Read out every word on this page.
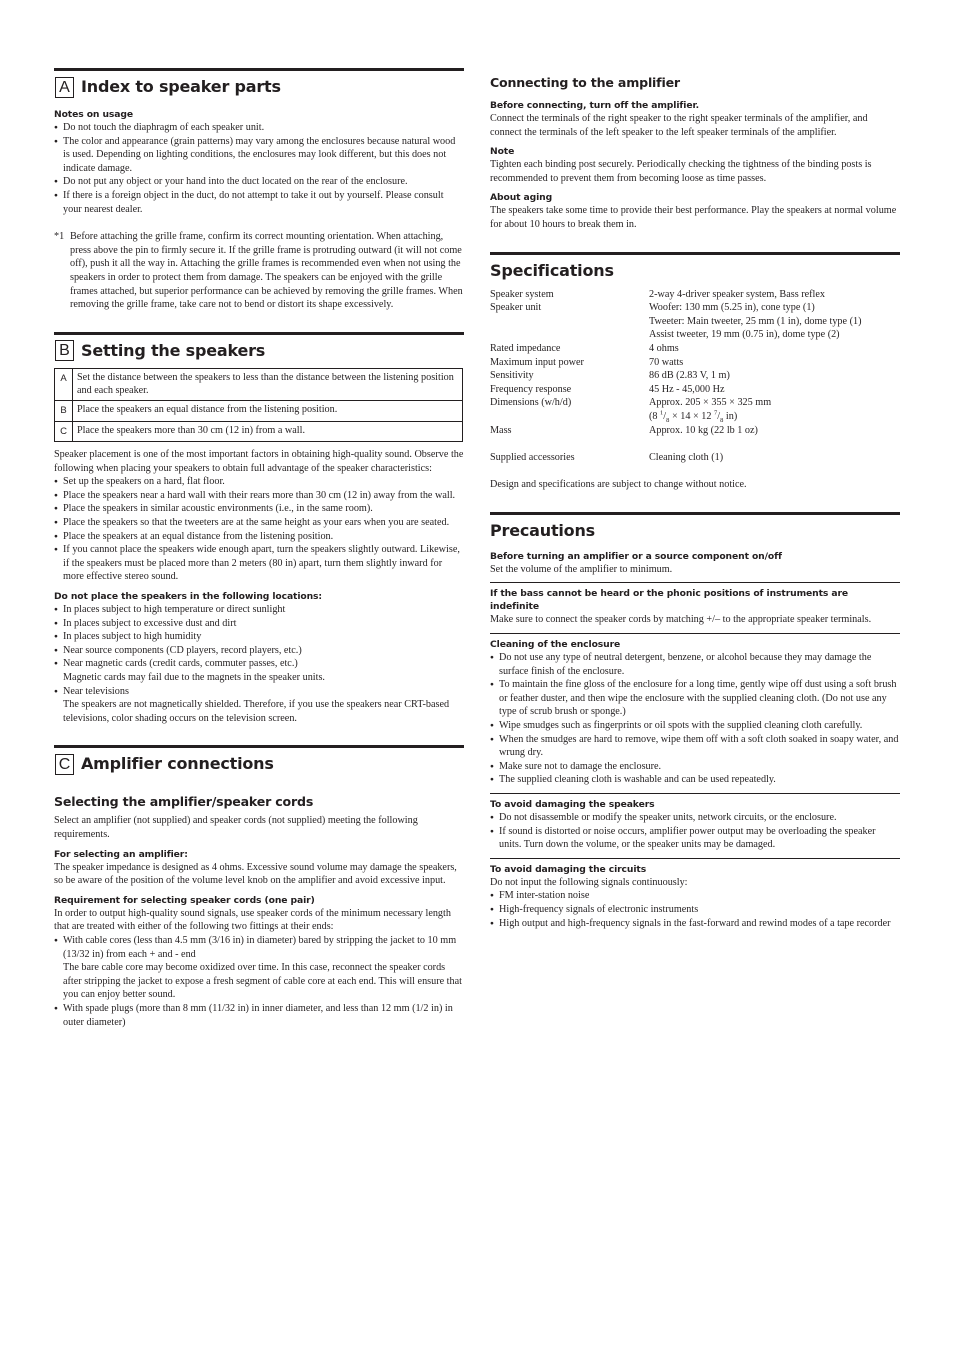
A Index to speaker parts
Notes on usage
● Do not touch the diaphragm of each speaker unit.
● The color and appearance (grain patterns) may vary among the enclosures because natural wood is used. Depending on lighting conditions, the enclosures may look different, but this does not indicate damage.
● Do not put any object or your hand into the duct located on the rear of the enclosure.
● If there is a foreign object in the duct, do not attempt to take it out by yourself. Please consult your nearest dealer.
*1 Before attaching the grille frame, confirm its correct mounting orientation. When attaching, press above the pin to firmly secure it. If the grille frame is protruding outward (it will not come off), push it all the way in. Attaching the grille frames is recommended even when not using the speakers in order to protect them from damage. The speakers can be enjoyed with the grille frames attached, but superior performance can be achieved by removing the grille frames. When removing the grille frame, take care not to bend or distort its shape excessively.
B Setting the speakers
A	Set the distance between the speakers to less than the distance between the listening position and each speaker.
B	Place the speakers an equal distance from the listening position.
C	Place the speakers more than 30 cm (12 in) from a wall.

Speaker placement is one of the most important factors in obtaining high-quality sound. Observe the following when placing your speakers to obtain full advantage of the speaker characteristics:

● Set up the speakers on a hard, flat floor.
● Place the speakers near a hard wall with their rears more than 30 cm (12 in) away from the wall.
● Place the speakers in similar acoustic environments (i.e., in the same room).
● Place the speakers so that the tweeters are at the same height as your ears when you are seated.
● Place the speakers at an equal distance from the listening position.
● If you cannot place the speakers wide enough apart, turn the speakers slightly outward. Likewise, if the speakers must be placed more than 2 meters (80 in) apart, turn them slightly inward for more effective stereo sound.
Do not place the speakers in the following locations:
● In places subject to high temperature or direct sunlight
● In places subject to excessive dust and dirt
● In places subject to high humidity
● Near source components (CD players, record players, etc.)
● Near magnetic cards (credit cards, commuter passes, etc.)

Magnetic cards may fail due to the magnets in the speaker units.

● Near televisions

The speakers are not magnetically shielded. Therefore, if you use the speakers near CRT-based televisions, color shading occurs on the television screen.

C Amplifier connections
Selecting the amplifier/speaker cords

Select an amplifier (not supplied) and speaker cords (not supplied) meeting the following requirements.

For selecting an amplifier:

The speaker impedance is designed as 4 ohms. Excessive sound volume may damage the speakers, so be aware of the position of the volume level knob on the amplifier and avoid excessive input.

Requirement for selecting speaker cords (one pair)

In order to output high-quality sound signals, use speaker cords of the minimum necessary length that are treated with either of the following two fittings at their ends:

● With cable cores (less than 4.5 mm (3/16 in) in diameter) bared by stripping the jacket to 10 mm (13/32 in) from each + and - end

The bare cable core may become oxidized over time. In this case, reconnect the speaker cords after stripping the jacket to expose a fresh segment of cable core at each end. This will ensure that you can enjoy better sound.

● With spade plugs (more than 8 mm (11/32 in) in inner diameter, and less than 12 mm (1/2 in) in outer diameter)
Connecting to the amplifier
Before connecting, turn off the amplifier.

Connect the terminals of the right speaker to the right speaker terminals of the amplifier, and connect the terminals of the left speaker to the left speaker terminals of the amplifier.

Note

Tighten each binding post securely. Periodically checking the tightness of the binding posts is recommended to prevent them from becoming loose as time passes.

About aging

The speakers take some time to provide their best performance. Play the speakers at normal volume for about 10 hours to break them in.

Specifications
Speaker system	2-way 4-driver speaker system, Bass reflex
Speaker unit	Woofer: 130 mm (5.25 in), cone type (1)
	Tweeter: Main tweeter, 25 mm (1 in), dome type (1)
	Assist tweeter, 19 mm (0.75 in), dome type (2)
Rated impedance	4 ohms
Maximum input power	70 watts
Sensitivity	86 dB (2.83 V, 1 m)
Frequency response	45 Hz - 45,000 Hz
Dimensions (w/h/d)	Approx. 205 × 355 × 325 mm
	(8 $^1/_8 \times 14 \times 12$ $^7/_8$ in)
Mass	Approx. 10 kg (22 lb 1 oz)

Supplied accessories	Cleaning cloth (1)

Design and specifications are subject to change without notice.

Precautions
Before turning an amplifier or a source component on/off

Set the volume of the amplifier to minimum.

If the bass cannot be heard or the phonic positions of instruments are indefinite

Make sure to connect the speaker cords by matching +/– to the appropriate speaker terminals.

Cleaning of the enclosure
● Do not use any type of neutral detergent, benzene, or alcohol because they may damage the surface finish of the enclosure.
● To maintain the fine gloss of the enclosure for a long time, gently wipe off dust using a soft brush or feather duster, and then wipe the enclosure with the supplied cleaning cloth. (Do not use any type of scrub brush or sponge.)
● Wipe smudges such as fingerprints or oil spots with the supplied cleaning cloth carefully.
● When the smudges are hard to remove, wipe them off with a soft cloth soaked in soapy water, and wrung dry.
● Make sure not to damage the enclosure.
● The supplied cleaning cloth is washable and can be used repeatedly.
To avoid damaging the speakers
● Do not disassemble or modify the speaker units, network circuits, or the enclosure.
● If sound is distorted or noise occurs, amplifier power output may be overloading the speaker units. Turn down the volume, or the speaker units may be damaged.
To avoid damaging the circuits

Do not input the following signals continuously:

● FM inter-station noise
● High-frequency signals of electronic instruments
● High output and high-frequency signals in the fast-forward and rewind modes of a tape recorder
